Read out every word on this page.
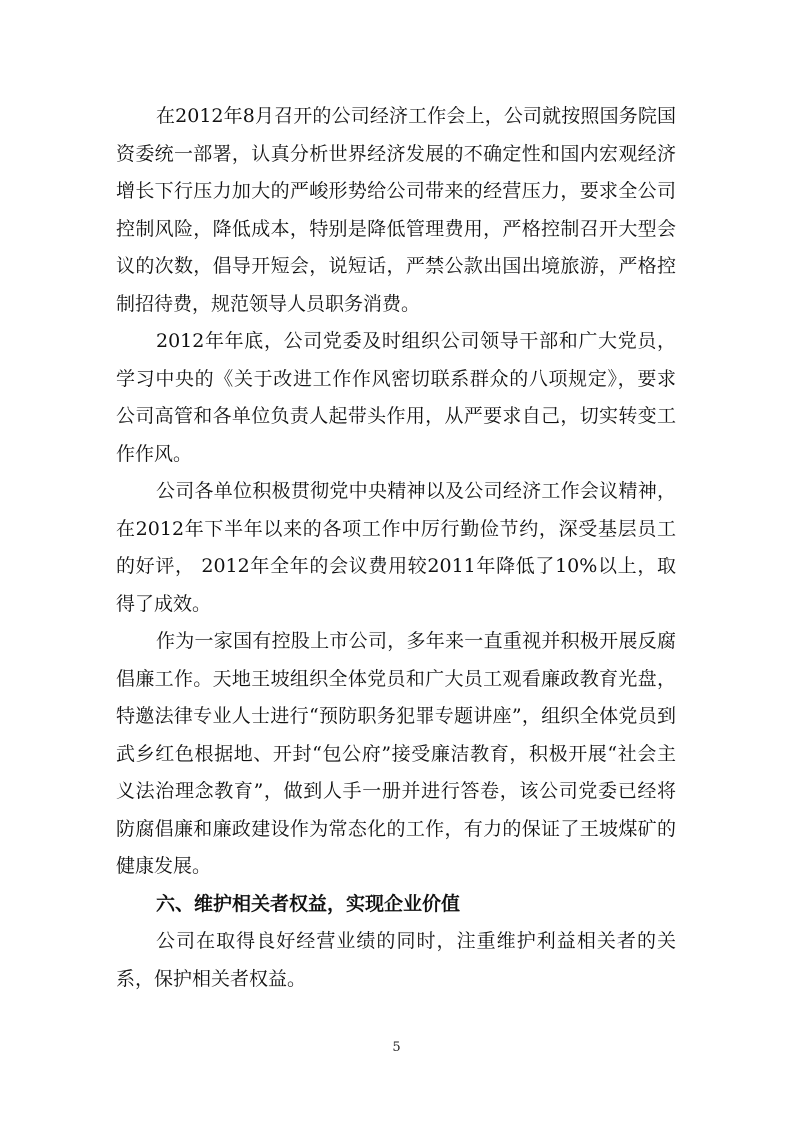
在2012年8月召开的公司经济工作会上，公司就按照国务院国资委统一部署，认真分析世界经济发展的不确定性和国内宏观经济增长下行压力加大的严峻形势给公司带来的经营压力，要求全公司控制风险，降低成本，特别是降低管理费用，严格控制召开大型会议的次数，倡导开短会，说短话，严禁公款出国出境旅游，严格控制招待费，规范领导人员职务消费。

2012年年底，公司党委及时组织公司领导干部和广大党员，学习中央的《关于改进工作作风密切联系群众的八项规定》，要求公司高管和各单位负责人起带头作用，从严要求自己，切实转变工作作风。

公司各单位积极贯彻党中央精神以及公司经济工作会议精神，在2012年下半年以来的各项工作中厉行勤俭节约，深受基层员工的好评， 2012年全年的会议费用较2011年降低了10%以上，取得了成效。

作为一家国有控股上市公司，多年来一直重视并积极开展反腐倡廉工作。天地王坡组织全体党员和广大员工观看廉政教育光盘，特邀法律专业人士进行“预防职务犯罪专题讲座”，组织全体党员到武乡红色根据地、开封“包公府”接受廉洁教育，积极开展“社会主义法治理念教育”，做到人手一册并进行答卷，该公司党委已经将防腐倡廉和廉政建设作为常态化的工作，有力的保证了王坡煤矿的健康发展。

六、维护相关者权益，实现企业价值

公司在取得良好经营业绩的同时，注重维护利益相关者的关系，保护相关者权益。

5
